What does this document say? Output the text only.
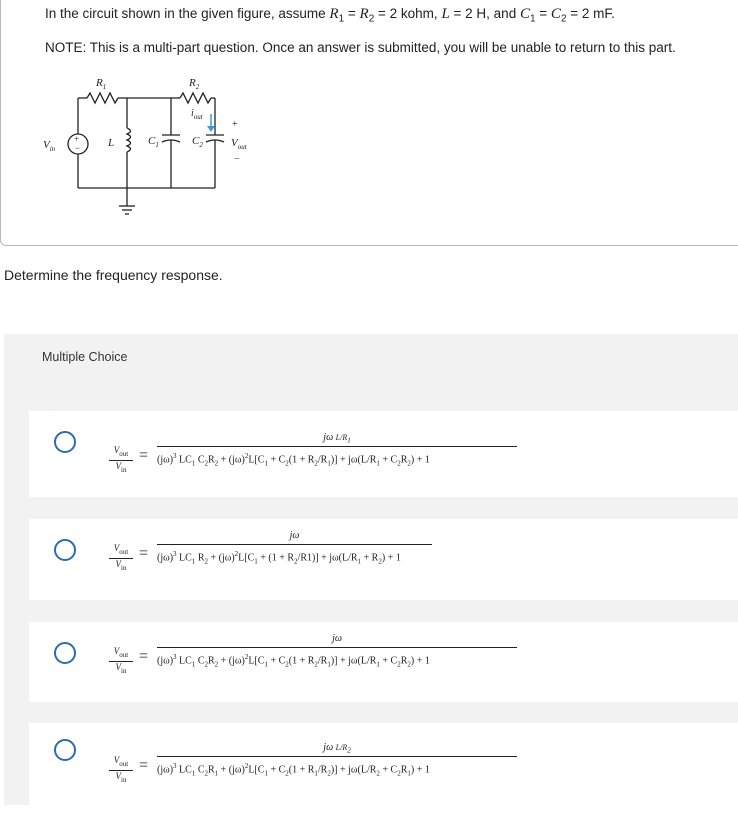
In the circuit shown in the given figure, assume $R_1 = R_2 = 2$ kohm, L = 2 H, and $C_1 = C_2 = 2$ mF.
NOTE: This is a multi-part question. Once an answer is submitted, you will be unable to return to this part.
+
−
$R_1$	$R_2$
$V_{in}$	L	$C_1$	$C_2$
$i_{out}$
+
$V_{out}$
−
Determine the frequency response.
Multiple Choice
$V_{out}$
$V_{in}$
=
jω L/R1
$(j\omega)^3$ $LC_1$ $C_2R_2 + (j\omega)^2L[C_1 + C_2(1 + R_2/R_1)] + j\omega(L/R_1 + C_2R_2) + 1$
$V_{out}$
$V_{in}$
=
jω
$(j\omega)^3$ $LC_1$ $R_2 + (j\omega)^2L[C_1 + (1 + R_2/R1)] + j\omega(L/R_1 + R_2) + 1$
$V_{out}$
$V_{in}$
=
jω
$(j\omega)^3$ $LC_1$ $C_2R_2 + (j\omega)^2L[C_1 + C_2(1 + R_2/R_1)] + j\omega(L/R_1 + C_2R_2) + 1$
$V_{out}$
$V_{in}$
=
jω L/R2
$(j\omega)^3$ $LC_1$ $C_2R_1 + (j\omega)^2L[C_1 + C_2(1 + R_1/R_2)] + j\omega(L/R_2 + C_2R_1) + 1$
